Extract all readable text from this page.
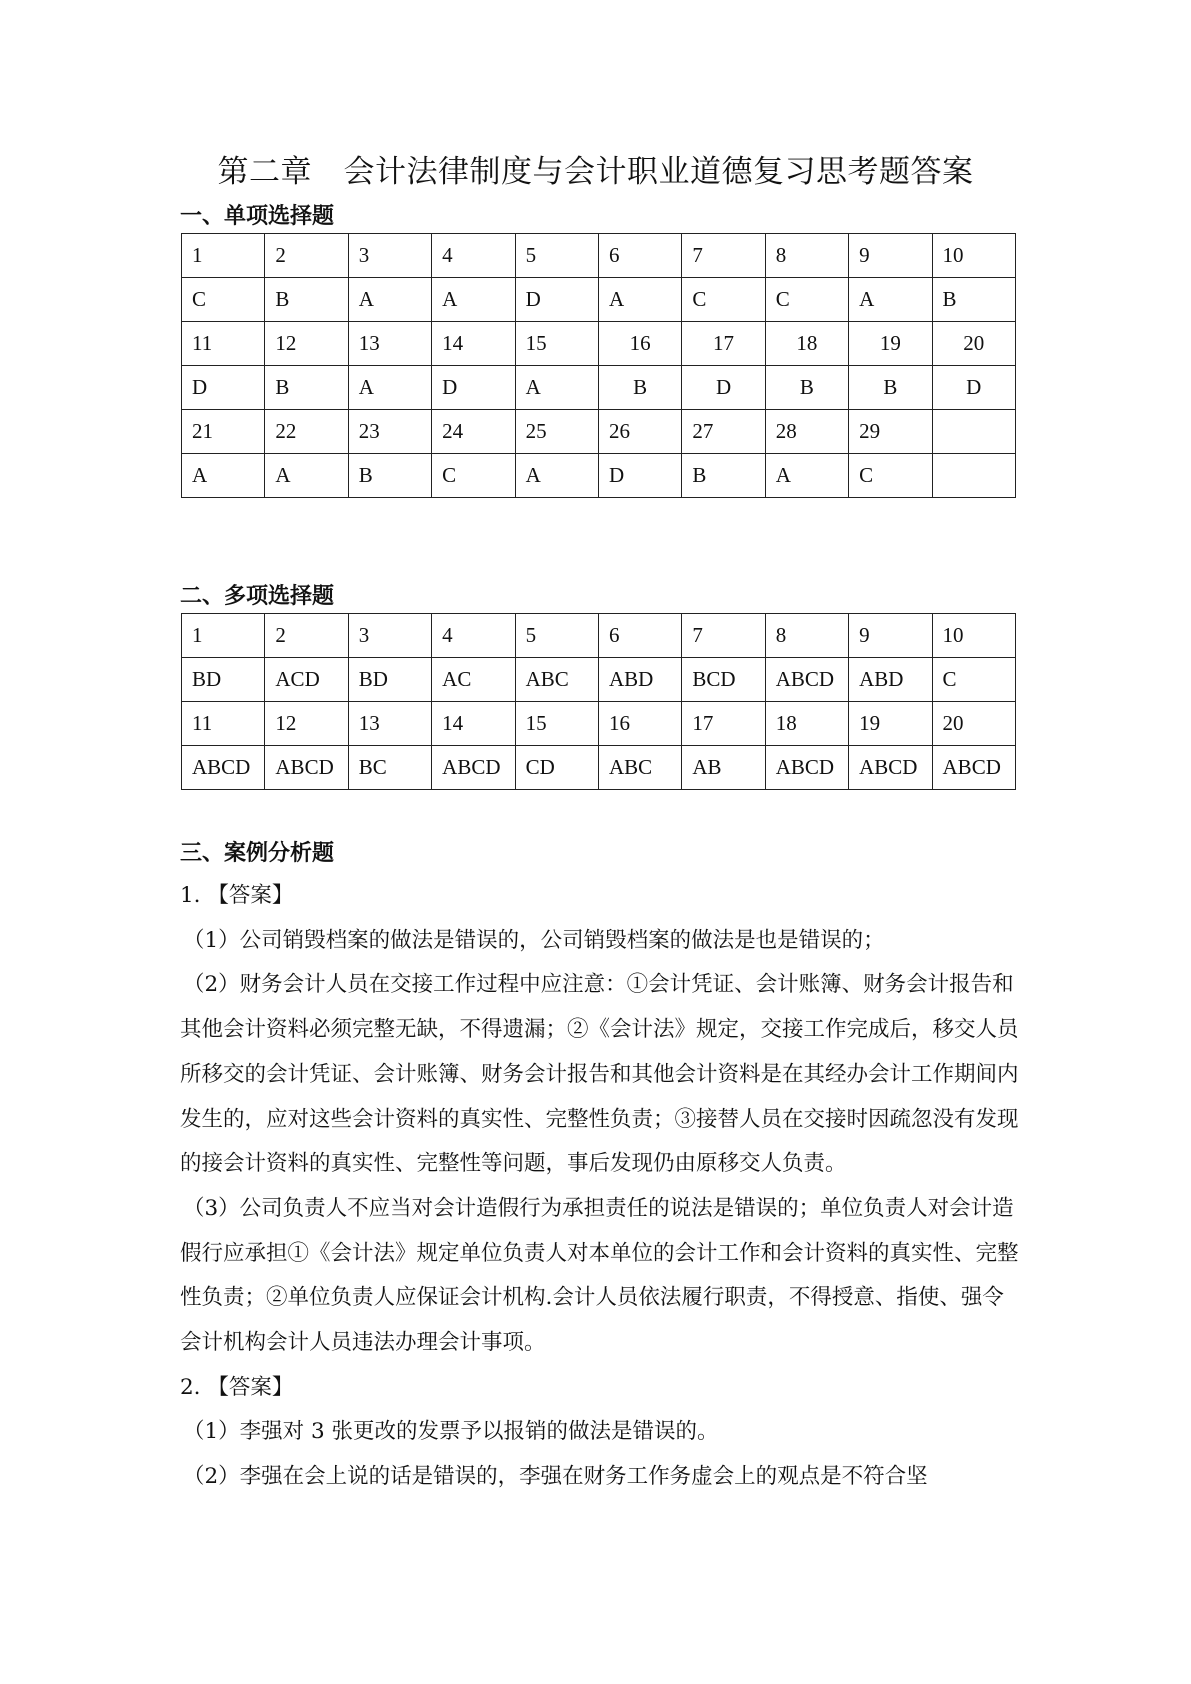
第二章　会计法律制度与会计职业道德复习思考题答案
一、单项选择题
1	2	3	4	5	6	7	8	9	10
C	B	A	A	D	A	C	C	A	B
11	12	13	14	15	16	17	18	19	20
D	B	A	D	A	B	D	B	B	D
21	22	23	24	25	26	27	28	29	
A	A	B	C	A	D	B	A	C	
二、多项选择题
1	2	3	4	5	6	7	8	9	10
BD	ACD	BD	AC	ABC	ABD	BCD	ABCD	ABD	C
11	12	13	14	15	16	17	18	19	20
ABCD	ABCD	BC	ABCD	CD	ABC	AB	ABCD	ABCD	ABCD
三、案例分析题

1. 【答案】

（1）公司销毁档案的做法是错误的，公司销毁档案的做法是也是错误的；

（2）财务会计人员在交接工作过程中应注意：①会计凭证、会计账簿、财务会计报告和其他会计资料必须完整无缺，不得遗漏；②《会计法》规定，交接工作完成后，移交人员所移交的会计凭证、会计账簿、财务会计报告和其他会计资料是在其经办会计工作期间内发生的，应对这些会计资料的真实性、完整性负责；③接替人员在交接时因疏忽没有发现的接会计资料的真实性、完整性等问题，事后发现仍由原移交人负责。

（3）公司负责人不应当对会计造假行为承担责任的说法是错误的；单位负责人对会计造假行应承担①《会计法》规定单位负责人对本单位的会计工作和会计资料的真实性、完整性负责；②单位负责人应保证会计机构.会计人员依法履行职责，不得授意、指使、强令会计机构会计人员违法办理会计事项。

2. 【答案】

（1）李强对 3 张更改的发票予以报销的做法是错误的。

（2）李强在会上说的话是错误的，李强在财务工作务虚会上的观点是不符合坚
